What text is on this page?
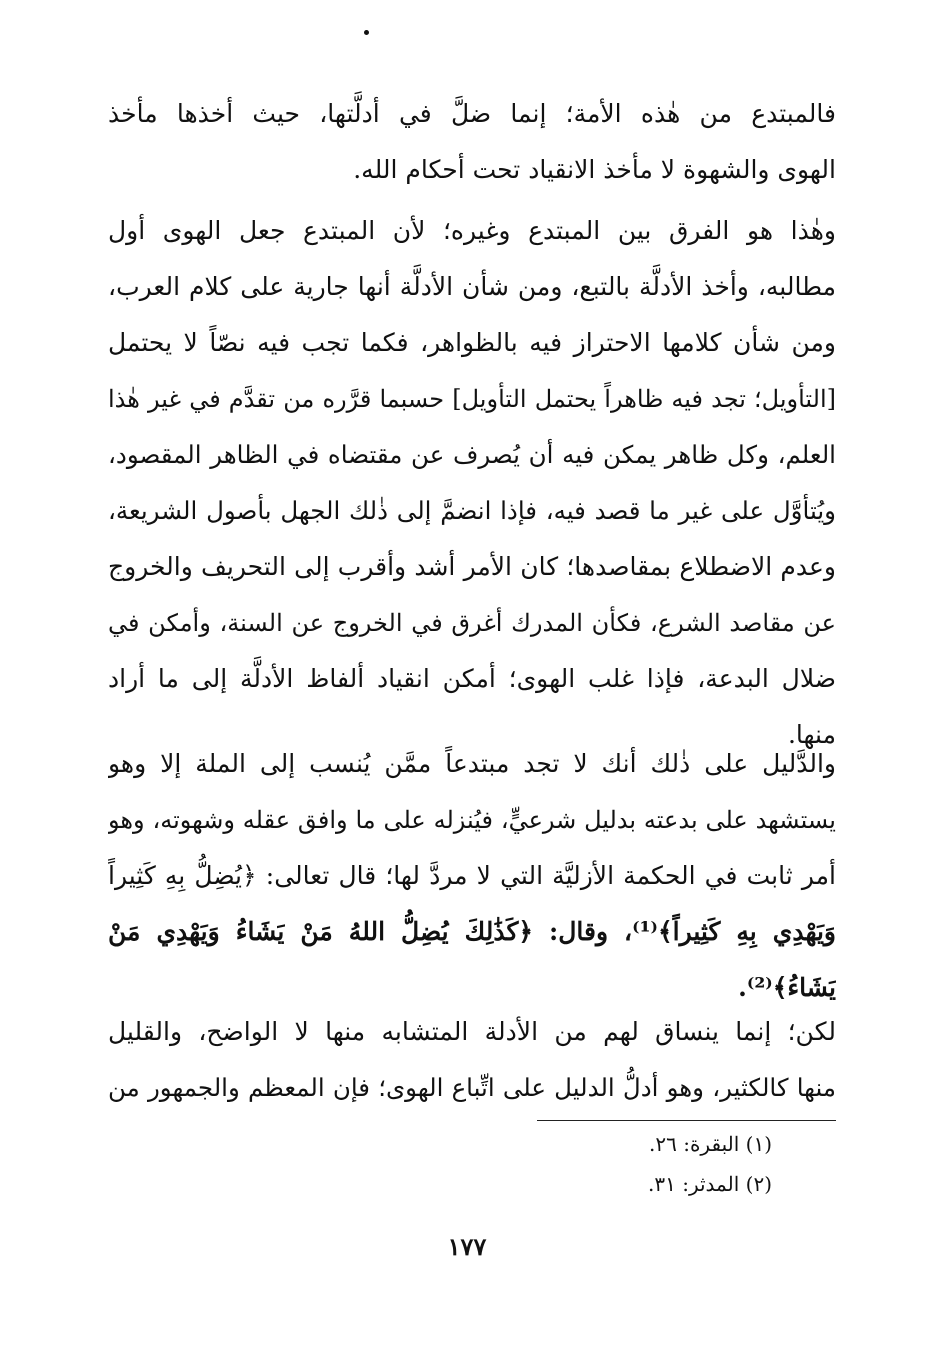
فالمبتدع من هٰذه الأمة؛ إنما ضلَّ في أدلَّتها، حيث أخذها مأخذ
الهوى والشهوة لا مأخذ الانقياد تحت أحكام الله.
وهٰذا هو الفرق بين المبتدع وغيره؛ لأن المبتدع جعل الهوى أول
مطالبه، وأخذ الأدلَّة بالتبع، ومن شأن الأدلَّة أنها جارية على كلام العرب،
ومن شأن كلامها الاحتراز فيه بالظواهر، فكما تجب فيه نصّاً لا يحتمل
[التأويل؛ تجد فيه ظاهراً يحتمل التأويل] حسبما قرَّره من تقدَّم في غير هٰذا
العلم، وكل ظاهر يمكن فيه أن يُصرف عن مقتضاه في الظاهر المقصود،
ويُتأوَّل على غير ما قصد فيه، فإذا انضمَّ إلى ذٰلك الجهل بأصول الشريعة،
وعدم الاضطلاع بمقاصدها؛ كان الأمر أشد وأقرب إلى التحريف والخروج
عن مقاصد الشرع، فكأن المدرك أغرق في الخروج عن السنة، وأمكن في
ضلال البدعة، فإذا غلب الهوى؛ أمكن انقياد ألفاظ الأدلَّة إلى ما أراد
منها.
والدَّليل على ذٰلك أنك لا تجد مبتدعاً ممَّن يُنسب إلى الملة إلا وهو
يستشهد على بدعته بدليل شرعيٍّ، فيُنزله على ما وافق عقله وشهوته، وهو
أمر ثابت في الحكمة الأزليَّة التي لا مردَّ لها؛ قال تعالى: ﴿يُضِلُّ بِهِ كَثِيراً
وَيَهْدِي بِهِ كَثِيراً﴾⁽¹⁾، وقال: ﴿كَذَٰلِكَ يُضِلُّ اللهُ مَنْ يَشَاءُ وَيَهْدِي مَنْ
يَشَاءُ﴾⁽²⁾.
لكن؛ إنما ينساق لهم من الأدلة المتشابه منها لا الواضح، والقليل
منها كالكثير، وهو أدلُّ الدليل على اتِّباع الهوى؛ فإن المعظم والجمهور من
(١) البقرة: ٢٦.
(٢) المدثر: ٣١.
١٧٧
